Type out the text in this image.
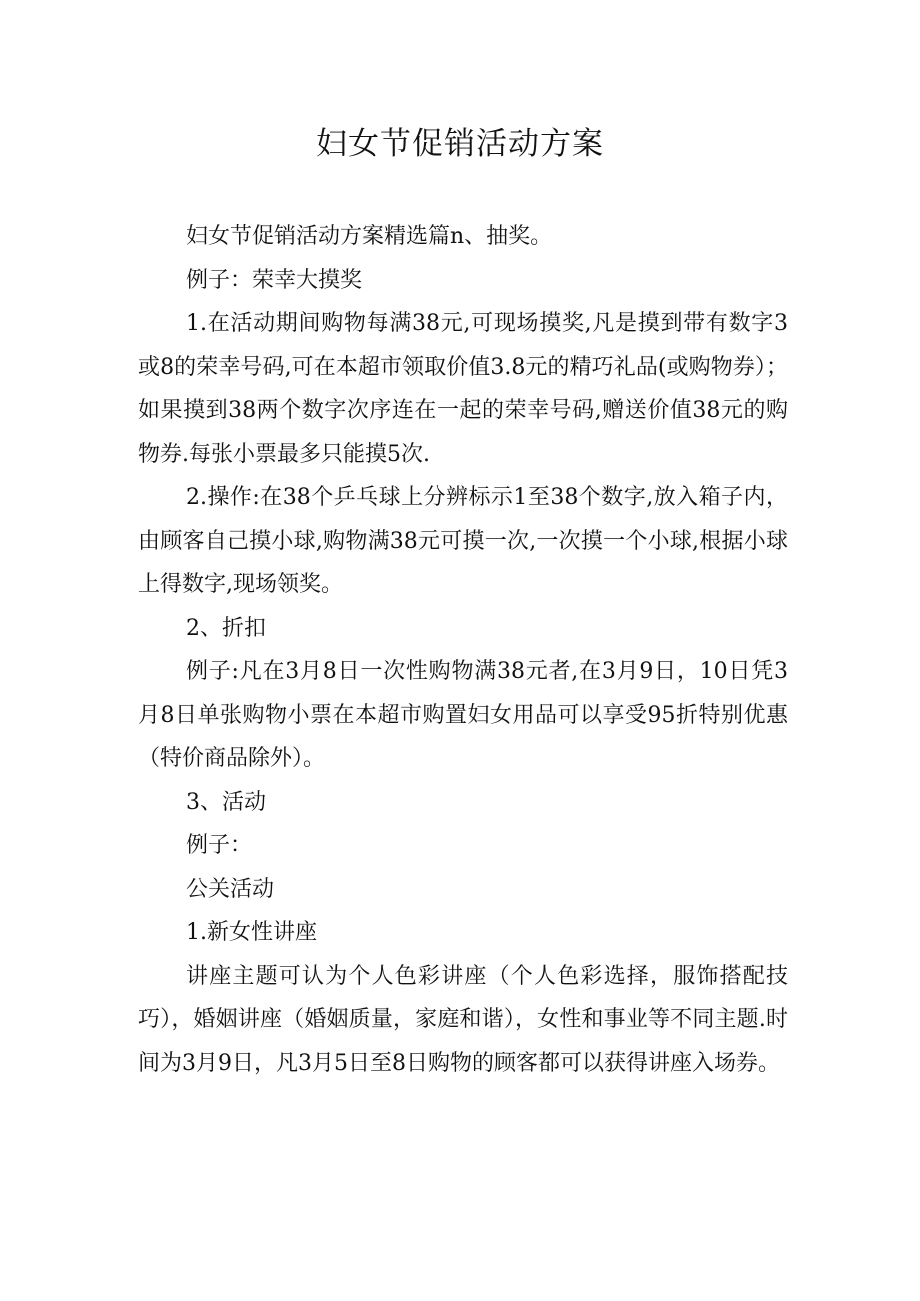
妇女节促销活动方案

妇女节促销活动方案精选篇n、抽奖。

例子：荣幸大摸奖

1.在活动期间购物每满38元,可现场摸奖,凡是摸到带有数字3或8的荣幸号码,可在本超市领取价值3.8元的精巧礼品(或购物券）；如果摸到38两个数字次序连在一起的荣幸号码,赠送价值38元的购物券.每张小票最多只能摸5次.

2.操作:在38个乒乓球上分辨标示1至38个数字,放入箱子内，由顾客自己摸小球,购物满38元可摸一次,一次摸一个小球,根据小球上得数字,现场领奖。

2、折扣

例子:凡在3月8日一次性购物满38元者,在3月9日，10日凭3月8日单张购物小票在本超市购置妇女用品可以享受95折特别优惠（特价商品除外）。

3、活动

例子：

公关活动

1.新女性讲座

讲座主题可认为个人色彩讲座（个人色彩选择，服饰搭配技巧），婚姻讲座（婚姻质量，家庭和谐），女性和事业等不同主题.时间为3月9日，凡3月5日至8日购物的顾客都可以获得讲座入场券。
